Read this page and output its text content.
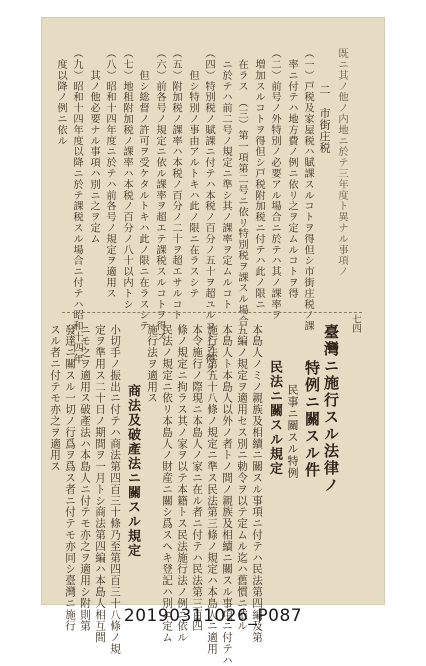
既ニ其ノ他ノ内地ニ於テ三年度ト異ナル事項ノ
二　市街庄税
（一）戸税及家屋税ハ賦課スルコトヲ得但シ市街庄税ノ課
　率ニ付テハ地方費ノ例ニ依リ之ヲ定ムルコトヲ得
（二）前号ノ外特別ノ必要アル場合ニ於テハ其ノ課率ヲ
　増加スルコトヲ得但シ戸税附加税ニ付テハ此ノ限ニ
　在ラス　（三）第一項第二号ニ依リ特別税ヲ課スル場合
　ニ於テハ前二号ノ規定ニ準シ其ノ課率ヲ定ムルコト
（四）特別税ノ賦課ニ付テハ本税ノ百分ノ五十ヲ超ユルコトヲ得ス
　　但シ特別ノ事由アルトキハ此ノ限ニ在ラスシテ
（五）附加税ノ課率ハ本税ノ百分ノ二十ヲ超エサルコト
（六）前各号ノ規定ニ依ル課率ヲ超エテ課税スルコトヲ得ス
　　但シ総督ノ許可ヲ受ケタルトキハ此ノ限ニ在ラスシテ
（七）地租附加税ノ課率ハ本税ノ百分ノ八十以内トシ
（八）昭和十四年度ニ於テハ前各号ノ規定ヲ適用ス
　　其ノ他必要ナル事項ハ別ニ之ヲ定ム
（九）昭和十四年度以降ニ於テ課税スル場合ニ付テハ昭和十四年
　度以降ノ例ニ依ル
七四
臺灣ニ施行スル法律ノ
特例ニ關スル件
民事ニ關スル特例
民法ニ關スル規定
本島人ノミノ親族及相續ニ關スル事項ニ付テハ民法第四編及第
五編ノ規定ヲ適用セス別ニ勅令ヲ以テ定ムル迄ハ舊慣ニ依ル
本島人ト本島人以外ノ者トノ間ノ親族及相續ニ關スル事項ニ付テハ
施行法第五十八條ノ規定ニ準ス民法第三條ノ規定ハ本島人ニ適用
本令施行ノ際現ニ本島人ノ家ニ在ル者ニ付テハ民法第三百四
條ノ規定ニ拘ラス其ノ家ヲ以テ本籍トス民法施行法ノ例ニ依ル
民法ノ規定ニ依リ本島人ノ財産ニ關シ爲スヘキ登記ハ別ニ定ム
施行法ヲ適用ス
商法及破產法ニ關スル規定
小切手ノ振出ニ付テハ商法第四百三十條乃至第四百三十八條ノ規
定ヲ準用ス二十日ノ期間ヲ一月トシ商法第四編ハ本島人相互間
ニモ之ヲ適用ス破產法ハ本島人ニ付テモ亦之ヲ適用シ附則第
發達ニ關スル一切ノ行爲ヲ爲ス者ニ付テモ亦同シ臺灣ニ施行
スル者ニ付テモ亦之ヲ適用ス
20190311026_P087
